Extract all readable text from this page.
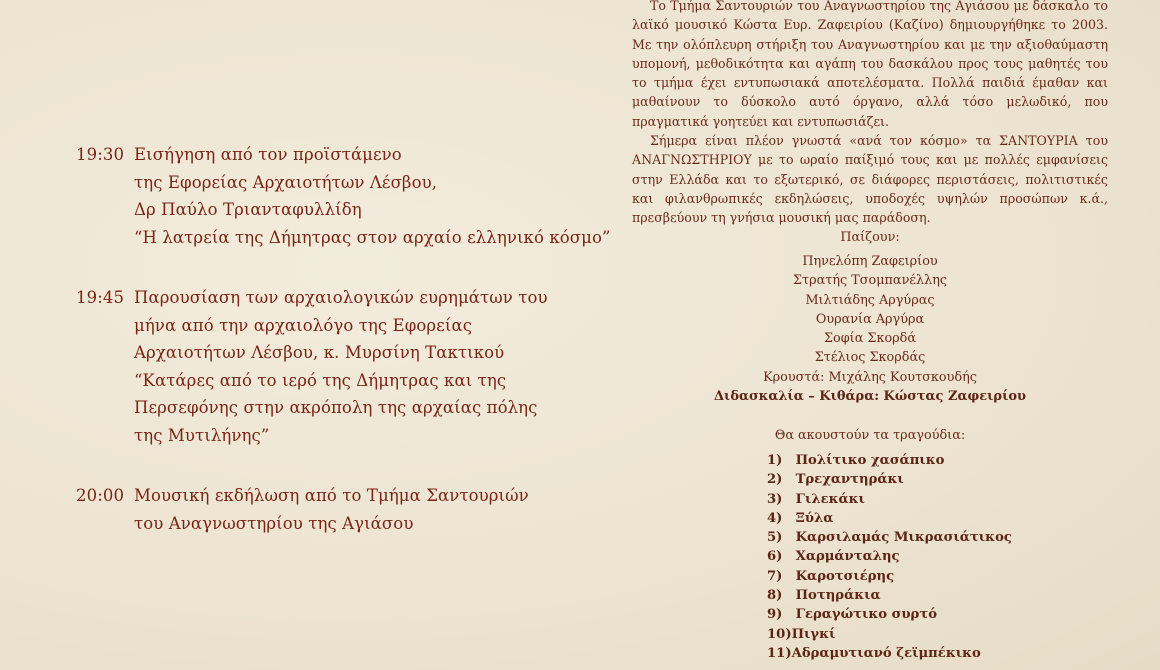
19:30 Εισήγηση από τον προϊστάμενο
της Εφορείας Αρχαιοτήτων Λέσβου,
Δρ Παύλο Τριανταφυλλίδη
“Η λατρεία της Δήμητρας στον αρχαίο ελληνικό κόσμο”
19:45 Παρουσίαση των αρχαιολογικών ευρημάτων του
μήνα από την αρχαιολόγο της Εφορείας
Αρχαιοτήτων Λέσβου, κ. Μυρσίνη Τακτικού
“Κατάρες από το ιερό της Δήμητρας και της
Περσεφόνης στην ακρόπολη της αρχαίας πόλης
της Μυτιλήνης”
20:00 Μουσική εκδήλωση από το Τμήμα Σαντουριών
του Αναγνωστηρίου της Αγιάσου

Το Τμήμα Σαντουριών του Αναγνωστηρίου της Αγιάσου με δάσκαλο το λαϊκό μουσικό Κώστα Ευρ. Ζαφειρίου (Καζίνο) δημιουργήθηκε το 2003. Με την ολόπλευρη στήριξη του Αναγνωστηρίου και με την αξιοθαύμαστη υπομονή, μεθοδικότητα και αγάπη του δασκάλου προς τους μαθητές του το τμήμα έχει εντυπωσιακά αποτελέσματα. Πολλά παιδιά έμαθαν και μαθαίνουν το δύσκολο αυτό όργανο, αλλά τόσο μελωδικό, που πραγματικά γοητεύει και εντυπωσιάζει.

Σήμερα είναι πλέον γνωστά «ανά τον κόσμο» τα ΣΑΝΤΟΥΡΙΑ του ΑΝΑΓΝΩΣΤΗΡΙΟΥ με το ωραίο παίξιμό τους και με πολλές εμφανίσεις στην Ελλάδα και το εξωτερικό, σε διάφορες περιστάσεις, πολιτιστικές και φιλανθρωπικές εκδηλώσεις, υποδοχές υψηλών προσώπων κ.ά., πρεσβεύουν τη γνήσια μουσική μας παράδοση.

Παίζουν:
Πηνελόπη Ζαφειρίου
Στρατής Τσομπανέλλης
Μιλτιάδης Αργύρας
Ουρανία Αργύρα
Σοφία Σκορδά
Στέλιος Σκορδάς
Κρουστά: Μιχάλης Κουτσκουδής
Διδασκαλία – Κιθάρα: Κώστας Ζαφειρίου
Θα ακουστούν τα τραγούδια:
1) Πολίτικο χασάπικο
2) Τρεχαντηράκι
3) Γιλεκάκι
4) Ξύλα
5) Καρσιλαμάς Μικρασιάτικος
6) Χαρμάνταλης
7) Καροτσιέρης
8) Ποτηράκια
9) Γεραγώτικο συρτό
10)Πιγκί
11)Αδραμυτιανό ζεϊμπέκικο
